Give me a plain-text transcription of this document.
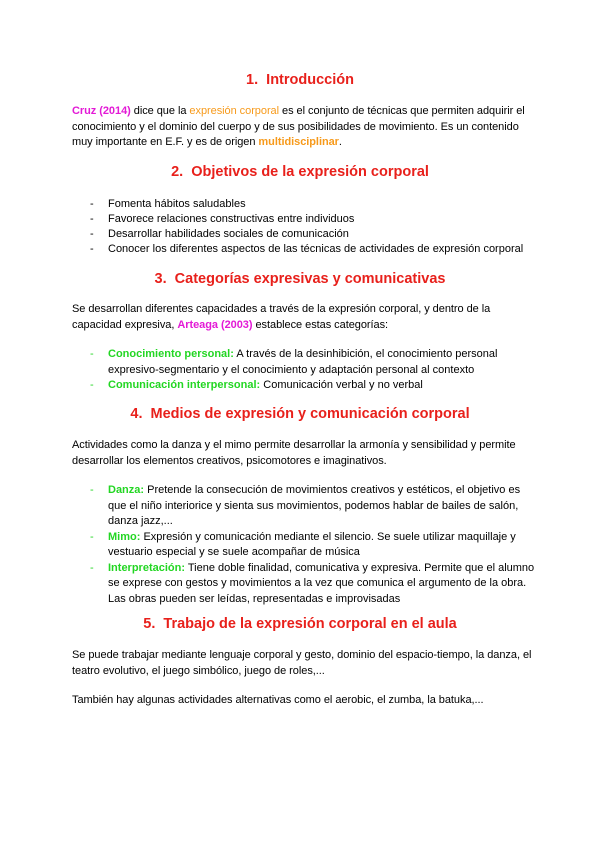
1. Introducción

Cruz (2014) dice que la expresión corporal es el conjunto de técnicas que permiten adquirir el conocimiento y el dominio del cuerpo y de sus posibilidades de movimiento. Es un contenido muy importante en E.F. y es de origen multidisciplinar.

2. Objetivos de la expresión corporal
- Fomenta hábitos saludables
- Favorece relaciones constructivas entre individuos
- Desarrollar habilidades sociales de comunicación
- Conocer los diferentes aspectos de las técnicas de actividades de expresión corporal
3. Categorías expresivas y comunicativas

Se desarrollan diferentes capacidades a través de la expresión corporal, y dentro de la capacidad expresiva, Arteaga (2003) establece estas categorías:

- Conocimiento personal: A través de la desinhibición, el conocimiento personal expresivo-segmentario y el conocimiento y adaptación personal al contexto
- Comunicación interpersonal: Comunicación verbal y no verbal
4. Medios de expresión y comunicación corporal

Actividades como la danza y el mimo permite desarrollar la armonía y sensibilidad y permite desarrollar los elementos creativos, psicomotores e imaginativos.

- Danza: Pretende la consecución de movimientos creativos y estéticos, el objetivo es que el niño interiorice y sienta sus movimientos, podemos hablar de bailes de salón, danza jazz,...
- Mimo: Expresión y comunicación mediante el silencio. Se suele utilizar maquillaje y vestuario especial y se suele acompañar de música
- Interpretación: Tiene doble finalidad, comunicativa y expresiva. Permite que el alumno se exprese con gestos y movimientos a la vez que comunica el argumento de la obra. Las obras pueden ser leídas, representadas e improvisadas
5. Trabajo de la expresión corporal en el aula

Se puede trabajar mediante lenguaje corporal y gesto, dominio del espacio-tiempo, la danza, el teatro evolutivo, el juego simbólico, juego de roles,...

También hay algunas actividades alternativas como el aerobic, el zumba, la batuka,...
